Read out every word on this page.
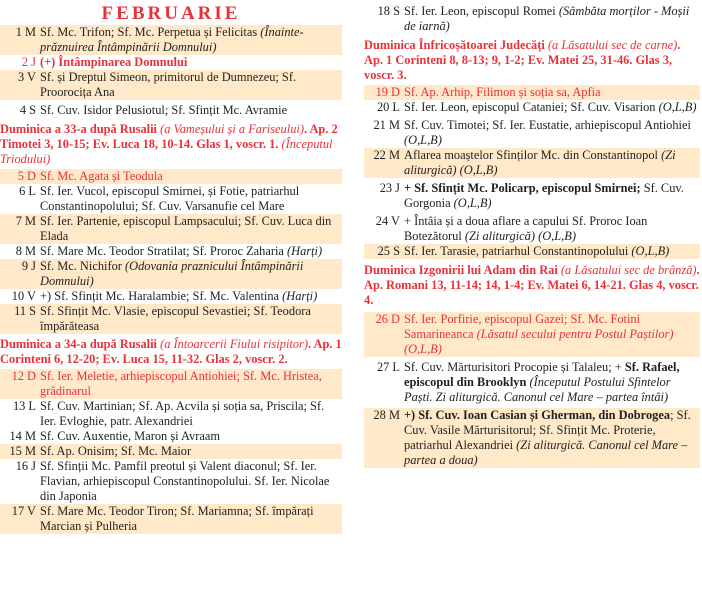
FEBRUARIE
1 M Sf. Mc. Trifon; Sf. Mc. Perpetua și Felicitas (Înainte-prăznuirea Întâmpinării Domnului)
2 J (+) Întâmpinarea Domnului
3 V Sf. și Dreptul Simeon, primitorul de Dumnezeu; Sf. Proorocița Ana
4 S Sf. Cuv. Isidor Pelusiotul; Sf. Sfințit Mc. Avramie
Duminica a 33-a după Rusalii (a Vameșului și a Fariseului). Ap. 2 Timotei 3, 10-15; Ev. Luca 18, 10-14. Glas 1, voscr. 1. (Începutul Triodului)
5 D Sf. Mc. Agata și Teodula
6 L Sf. Ier. Vucol, episcopul Smirnei, și Fotie, patriarhul Constantinopolului; Sf. Cuv. Varsanufie cel Mare
7 M Sf. Ier. Partenie, episcopul Lampsacului; Sf. Cuv. Luca din Elada
8 M Sf. Mare Mc. Teodor Stratilat; Sf. Proroc Zaharia (Harți)
9 J Sf. Mc. Nichifor (Odovania praznicului Întâmpinării Domnului)
10 V +) Sf. Sfințit Mc. Haralambie; Sf. Mc. Valentina (Harți)
11 S Sf. Sfințit Mc. Vlasie, episcopul Sevastiei; Sf. Teodora împărăteasa
Duminica a 34-a după Rusalii (a Întoarcerii Fiului risipitor). Ap. 1 Corinteni 6, 12-20; Ev. Luca 15, 11-32. Glas 2, voscr. 2.
12 D Sf. Ier. Meletie, arhiepiscopul Antiohiei; Sf. Mc. Hristea, grădinarul
13 L Sf. Cuv. Martinian; Sf. Ap. Acvila și soția sa, Priscila; Sf. Ier. Evloghie, patr. Alexandriei
14 M Sf. Cuv. Auxentie, Maron și Avraam
15 M Sf. Ap. Onisim; Sf. Mc. Maior
16 J Sf. Sfinții Mc. Pamfil preotul și Valent diaconul; Sf. Ier. Flavian, arhiepiscopul Constantinopolului. Sf. Ier. Nicolae din Japonia
17 V Sf. Mare Mc. Teodor Tiron; Sf. Mariamna; Sf. împărați Marcian și Pulheria
18 S Sf. Ier. Leon, episcopul Romei (Sâmbăta morților - Moșii de iarnă)
Duminica Înfricoșătoarei Judecăți (a Lăsatului sec de carne). Ap. 1 Corinteni 8, 8-13; 9, 1-2; Ev. Matei 25, 31-46. Glas 3, voscr. 3.
19 D Sf. Ap. Arhip, Filimon și soția sa, Apfia
20 L Sf. Ier. Leon, episcopul Cataniei; Sf. Cuv. Visarion (O,L,B)
21 M Sf. Cuv. Timotei; Sf. Ier. Eustatie, arhiepiscopul Antiohiei (O,L,B)
22 M Aflarea moaștelor Sfinților Mc. din Constantinopol (Zi aliturgică) (O,L,B)
23 J + Sf. Sfințit Mc. Policarp, episcopul Smirnei; Sf. Cuv. Gorgonia (O,L,B)
24 V + Întâia și a doua aflare a capului Sf. Proroc Ioan Botezătorul (Zi aliturgică) (O,L,B)
25 S Sf. Ier. Tarasie, patriarhul Constantinopolului (O,L,B)
Duminica Izgonirii lui Adam din Rai (a Lăsatului sec de brânză). Ap. Romani 13, 11-14; 14, 1-4; Ev. Matei 6, 14-21. Glas 4, voscr. 4.
26 D Sf. Ier. Porfirie, episcopul Gazei; Sf. Mc. Fotini Samarineanca (Lăsatul secului pentru Postul Paștilor) (O,L,B)
27 L Sf. Cuv. Mărturisitori Procopie și Talaleu; + Sf. Rafael, episcopul din Brooklyn (Începutul Postului Sfintelor Paști. Zi aliturgică. Canonul cel Mare – partea întâi)
28 M +) Sf. Cuv. Ioan Casian și Gherman, din Dobrogea; Sf. Cuv. Vasile Mărturisitorul; Sf. Sfințit Mc. Proterie, patriarhul Alexandriei (Zi aliturgică. Canonul cel Mare – partea a doua)
